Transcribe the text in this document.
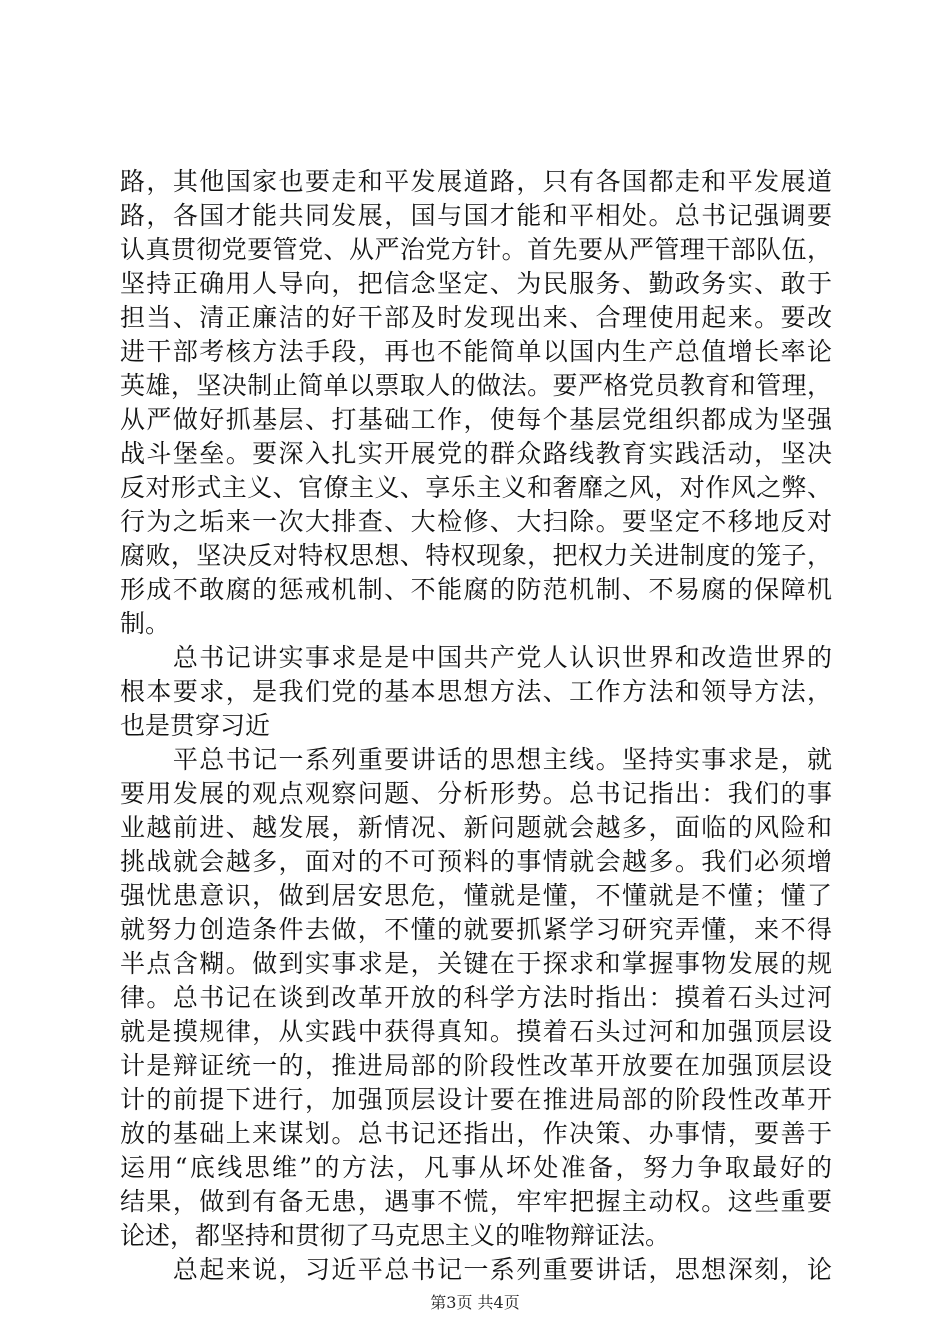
路，其他国家也要走和平发展道路，只有各国都走和平发展道
路，各国才能共同发展，国与国才能和平相处。总书记强调要
认真贯彻党要管党、从严治党方针。首先要从严管理干部队伍，
坚持正确用人导向，把信念坚定、为民服务、勤政务实、敢于
担当、清正廉洁的好干部及时发现出来、合理使用起来。要改
进干部考核方法手段，再也不能简单以国内生产总值增长率论
英雄，坚决制止简单以票取人的做法。要严格党员教育和管理，
从严做好抓基层、打基础工作，使每个基层党组织都成为坚强
战斗堡垒。要深入扎实开展党的群众路线教育实践活动，坚决
反对形式主义、官僚主义、享乐主义和奢靡之风，对作风之弊、
行为之垢来一次大排查、大检修、大扫除。要坚定不移地反对
腐败，坚决反对特权思想、特权现象，把权力关进制度的笼子，
形成不敢腐的惩戒机制、不能腐的防范机制、不易腐的保障机
制。
　　总书记讲实事求是是中国共产党人认识世界和改造世界的
根本要求，是我们党的基本思想方法、工作方法和领导方法，
也是贯穿习近
　　平总书记一系列重要讲话的思想主线。坚持实事求是，就
要用发展的观点观察问题、分析形势。总书记指出：我们的事
业越前进、越发展，新情况、新问题就会越多，面临的风险和
挑战就会越多，面对的不可预料的事情就会越多。我们必须增
强忧患意识，做到居安思危，懂就是懂，不懂就是不懂；懂了
就努力创造条件去做，不懂的就要抓紧学习研究弄懂，来不得
半点含糊。做到实事求是，关键在于探求和掌握事物发展的规
律。总书记在谈到改革开放的科学方法时指出：摸着石头过河
就是摸规律，从实践中获得真知。摸着石头过河和加强顶层设
计是辩证统一的，推进局部的阶段性改革开放要在加强顶层设
计的前提下进行，加强顶层设计要在推进局部的阶段性改革开
放的基础上来谋划。总书记还指出，作决策、办事情，要善于
运用“底线思维”的方法，凡事从坏处准备，努力争取最好的
结果，做到有备无患，遇事不慌，牢牢把握主动权。这些重要
论述，都坚持和贯彻了马克思主义的唯物辩证法。
　　总起来说，习近平总书记一系列重要讲话，思想深刻，论
第3页 共4页
